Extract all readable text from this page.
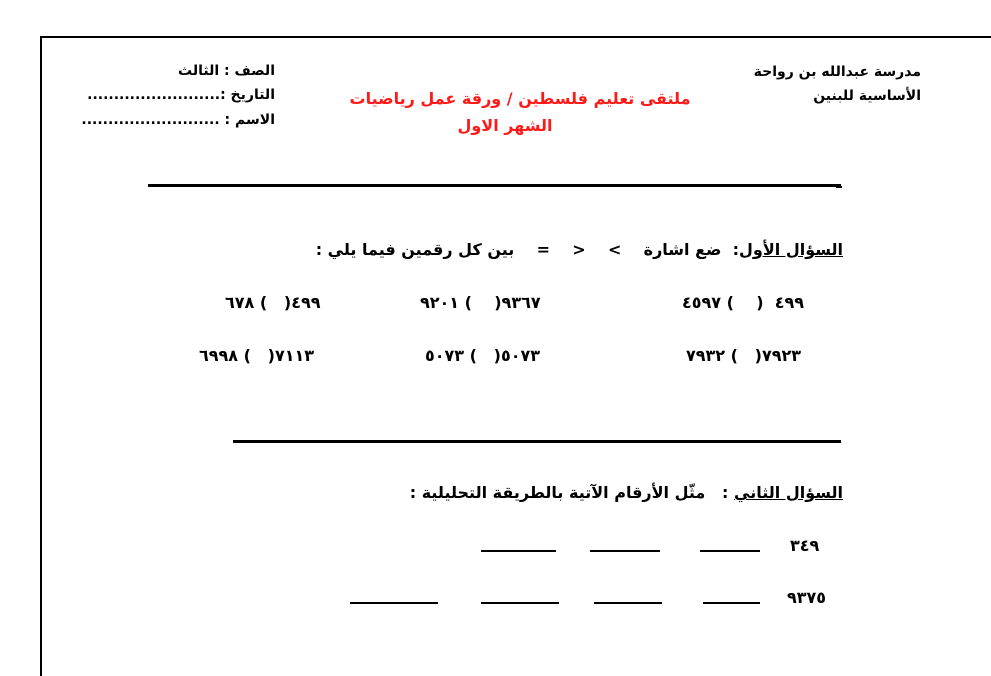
مدرسة عبدالله بن رواحة
الأساسية للبنين
ملتقى تعليم فلسطين / ورقة عمل رياضيات
الشهر الاول
الصف : الثالث
التاريخ :.........................
الاسم : ..........................
السؤال الأول:  ضع اشارة   = > <     بين كل رقمين فيما يلي :
٤٩٩  (    ) ٤٥٩٧
٩٣٦٧(    ) ٩٢٠١
٤٩٩(   ) ٦٧٨
٧٩٢٣(   ) ٧٩٣٢
٥٠٧٣(   ) ٥٠٧٣
٧١١٣(   ) ٦٩٩٨
السؤال الثاني :   مثّل الأرقام الآتية بالطريقة التحليلية :
٣٤٩
٩٣٧٥
